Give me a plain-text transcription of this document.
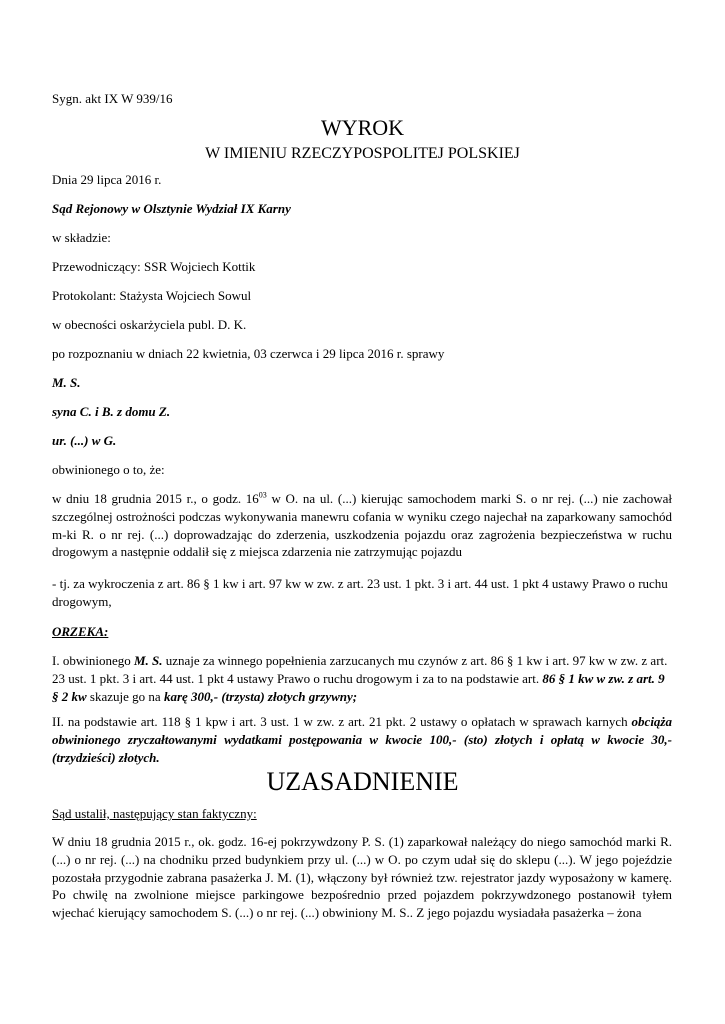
Sygn. akt IX W 939/16

WYROK

W IMIENIU RZECZYPOSPOLITEJ POLSKIEJ

Dnia 29 lipca 2016 r.

Sąd Rejonowy w Olsztynie Wydział IX Karny

w składzie:

Przewodniczący: SSR Wojciech Kottik

Protokolant: Stażysta Wojciech Sowul

w obecności oskarżyciela publ. D. K.

po rozpoznaniu w dniach 22 kwietnia, 03 czerwca i 29 lipca 2016 r. sprawy

M. S.

syna C. i B. z domu Z.

ur. (...) w G.

obwinionego o to, że:

w dniu 18 grudnia 2015 r., o godz. $16^{03}$ w O. na ul. (...) kierując samochodem marki S. o nr rej. (...) nie zachował szczególnej ostrożności podczas wykonywania manewru cofania w wyniku czego najechał na zaparkowany samochód m-ki R. o nr rej. (...) doprowadzając do zderzenia, uszkodzenia pojazdu oraz zagrożenia bezpieczeństwa w ruchu drogowym a następnie oddalił się z miejsca zdarzenia nie zatrzymując pojazdu

- tj. za wykroczenia z art. 86 § 1 kw i art. 97 kw w zw. z art. 23 ust. 1 pkt. 3 i art. 44 ust. 1 pkt 4 ustawy Prawo o ruchu drogowym,

ORZEKA:

I. obwinionego M. S. uznaje za winnego popełnienia zarzucanych mu czynów z art. 86 § 1 kw i art. 97 kw w zw. z art. 23 ust. 1 pkt. 3 i art. 44 ust. 1 pkt 4 ustawy Prawo o ruchu drogowym i za to na podstawie art. 86 § 1 kw w zw. z art. 9 § 2 kw skazuje go na karę 300,- (trzysta) złotych grzywny;

II. na podstawie art. 118 § 1 kpw i art. 3 ust. 1 w zw. z art. 21 pkt. 2 ustawy o opłatach w sprawach karnych obciąża obwinionego zryczałtowanymi wydatkami postępowania w kwocie 100,- (sto) złotych i opłatą w kwocie 30,- (trzydzieści) złotych.

UZASADNIENIE

Sąd ustalił, następujący stan faktyczny:

W dniu 18 grudnia 2015 r., ok. godz. 16-ej pokrzywdzony P. S. (1) zaparkował należący do niego samochód marki R. (...) o nr rej. (...) na chodniku przed budynkiem przy ul. (...) w O. po czym udał się do sklepu (...). W jego pojeździe pozostała przygodnie zabrana pasażerka J. M. (1), włączony był również tzw. rejestrator jazdy wyposażony w kamerę. Po chwilę na zwolnione miejsce parkingowe bezpośrednio przed pojazdem pokrzywdzonego postanowił tyłem wjechać kierujący samochodem S. (...) o nr rej. (...) obwiniony M. S.. Z jego pojazdu wysiadała pasażerka – żona
